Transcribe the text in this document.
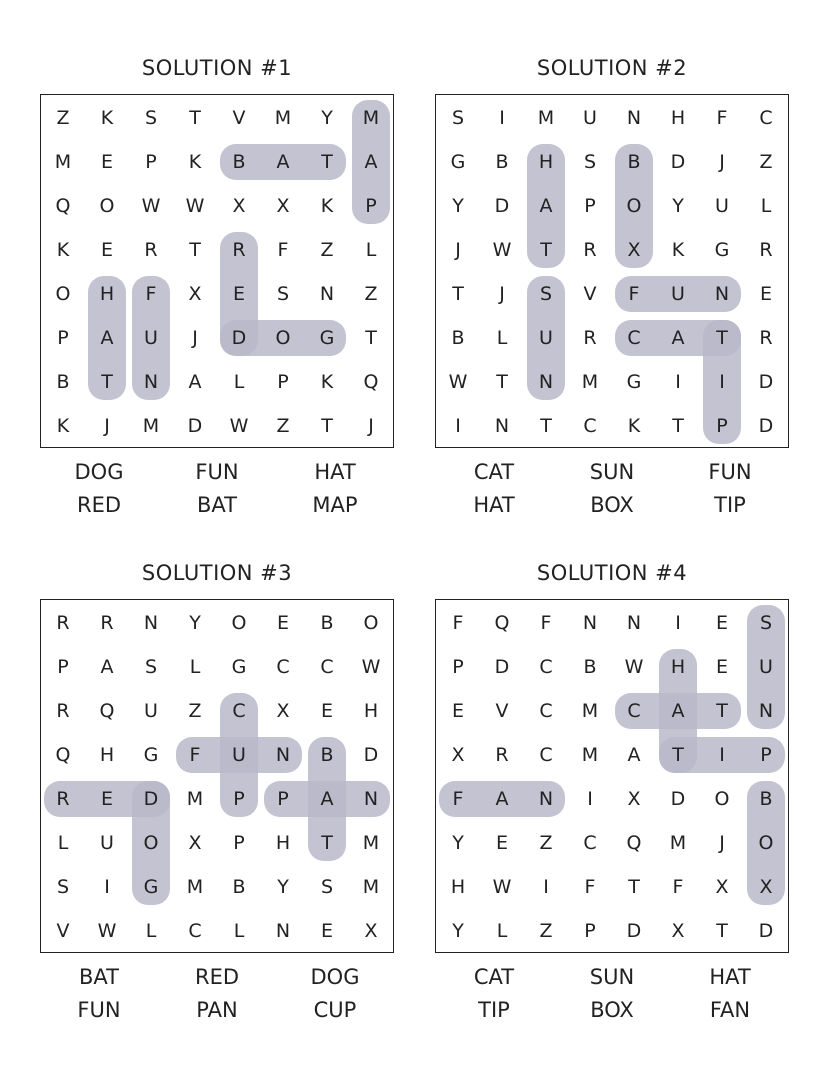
SOLUTION #1
Z	K	S	T	V	M	Y	M
M	E	P	K	B	A	T	A
Q	O	W	W	X	X	K	P
K	E	R	T	R	F	Z	L
O	H	F	X	E	S	N	Z
P	A	U	J	D	O	G	T
B	T	N	A	L	P	K	Q
K	J	M	D	W	Z	T	J
DOG	FUN	HAT
RED	BAT	MAP
SOLUTION #2
S	I	M	U	N	H	F	C
G	B	H	S	B	D	J	Z
Y	D	A	P	O	Y	U	L
J	W	T	R	X	K	G	R
T	J	S	V	F	U	N	E
B	L	U	R	C	A	T	R
W	T	N	M	G	I	I	D
I	N	T	C	K	T	P	D
CAT	SUN	FUN
HAT	BOX	TIP
SOLUTION #3
R	R	N	Y	O	E	B	O
P	A	S	L	G	C	C	W
R	Q	U	Z	C	X	E	H
Q	H	G	F	U	N	B	D
R	E	D	M	P	P	A	N
L	U	O	X	P	H	T	M
S	I	G	M	B	Y	S	M
V	W	L	C	L	N	E	X
BAT	RED	DOG
FUN	PAN	CUP
SOLUTION #4
F	Q	F	N	N	I	E	S
P	D	C	B	W	H	E	U
E	V	C	M	C	A	T	N
X	R	C	M	A	T	I	P
F	A	N	I	X	D	O	B
Y	E	Z	C	Q	M	J	O
H	W	I	F	T	F	X	X
Y	L	Z	P	D	X	T	D
CAT	SUN	HAT
TIP	BOX	FAN
